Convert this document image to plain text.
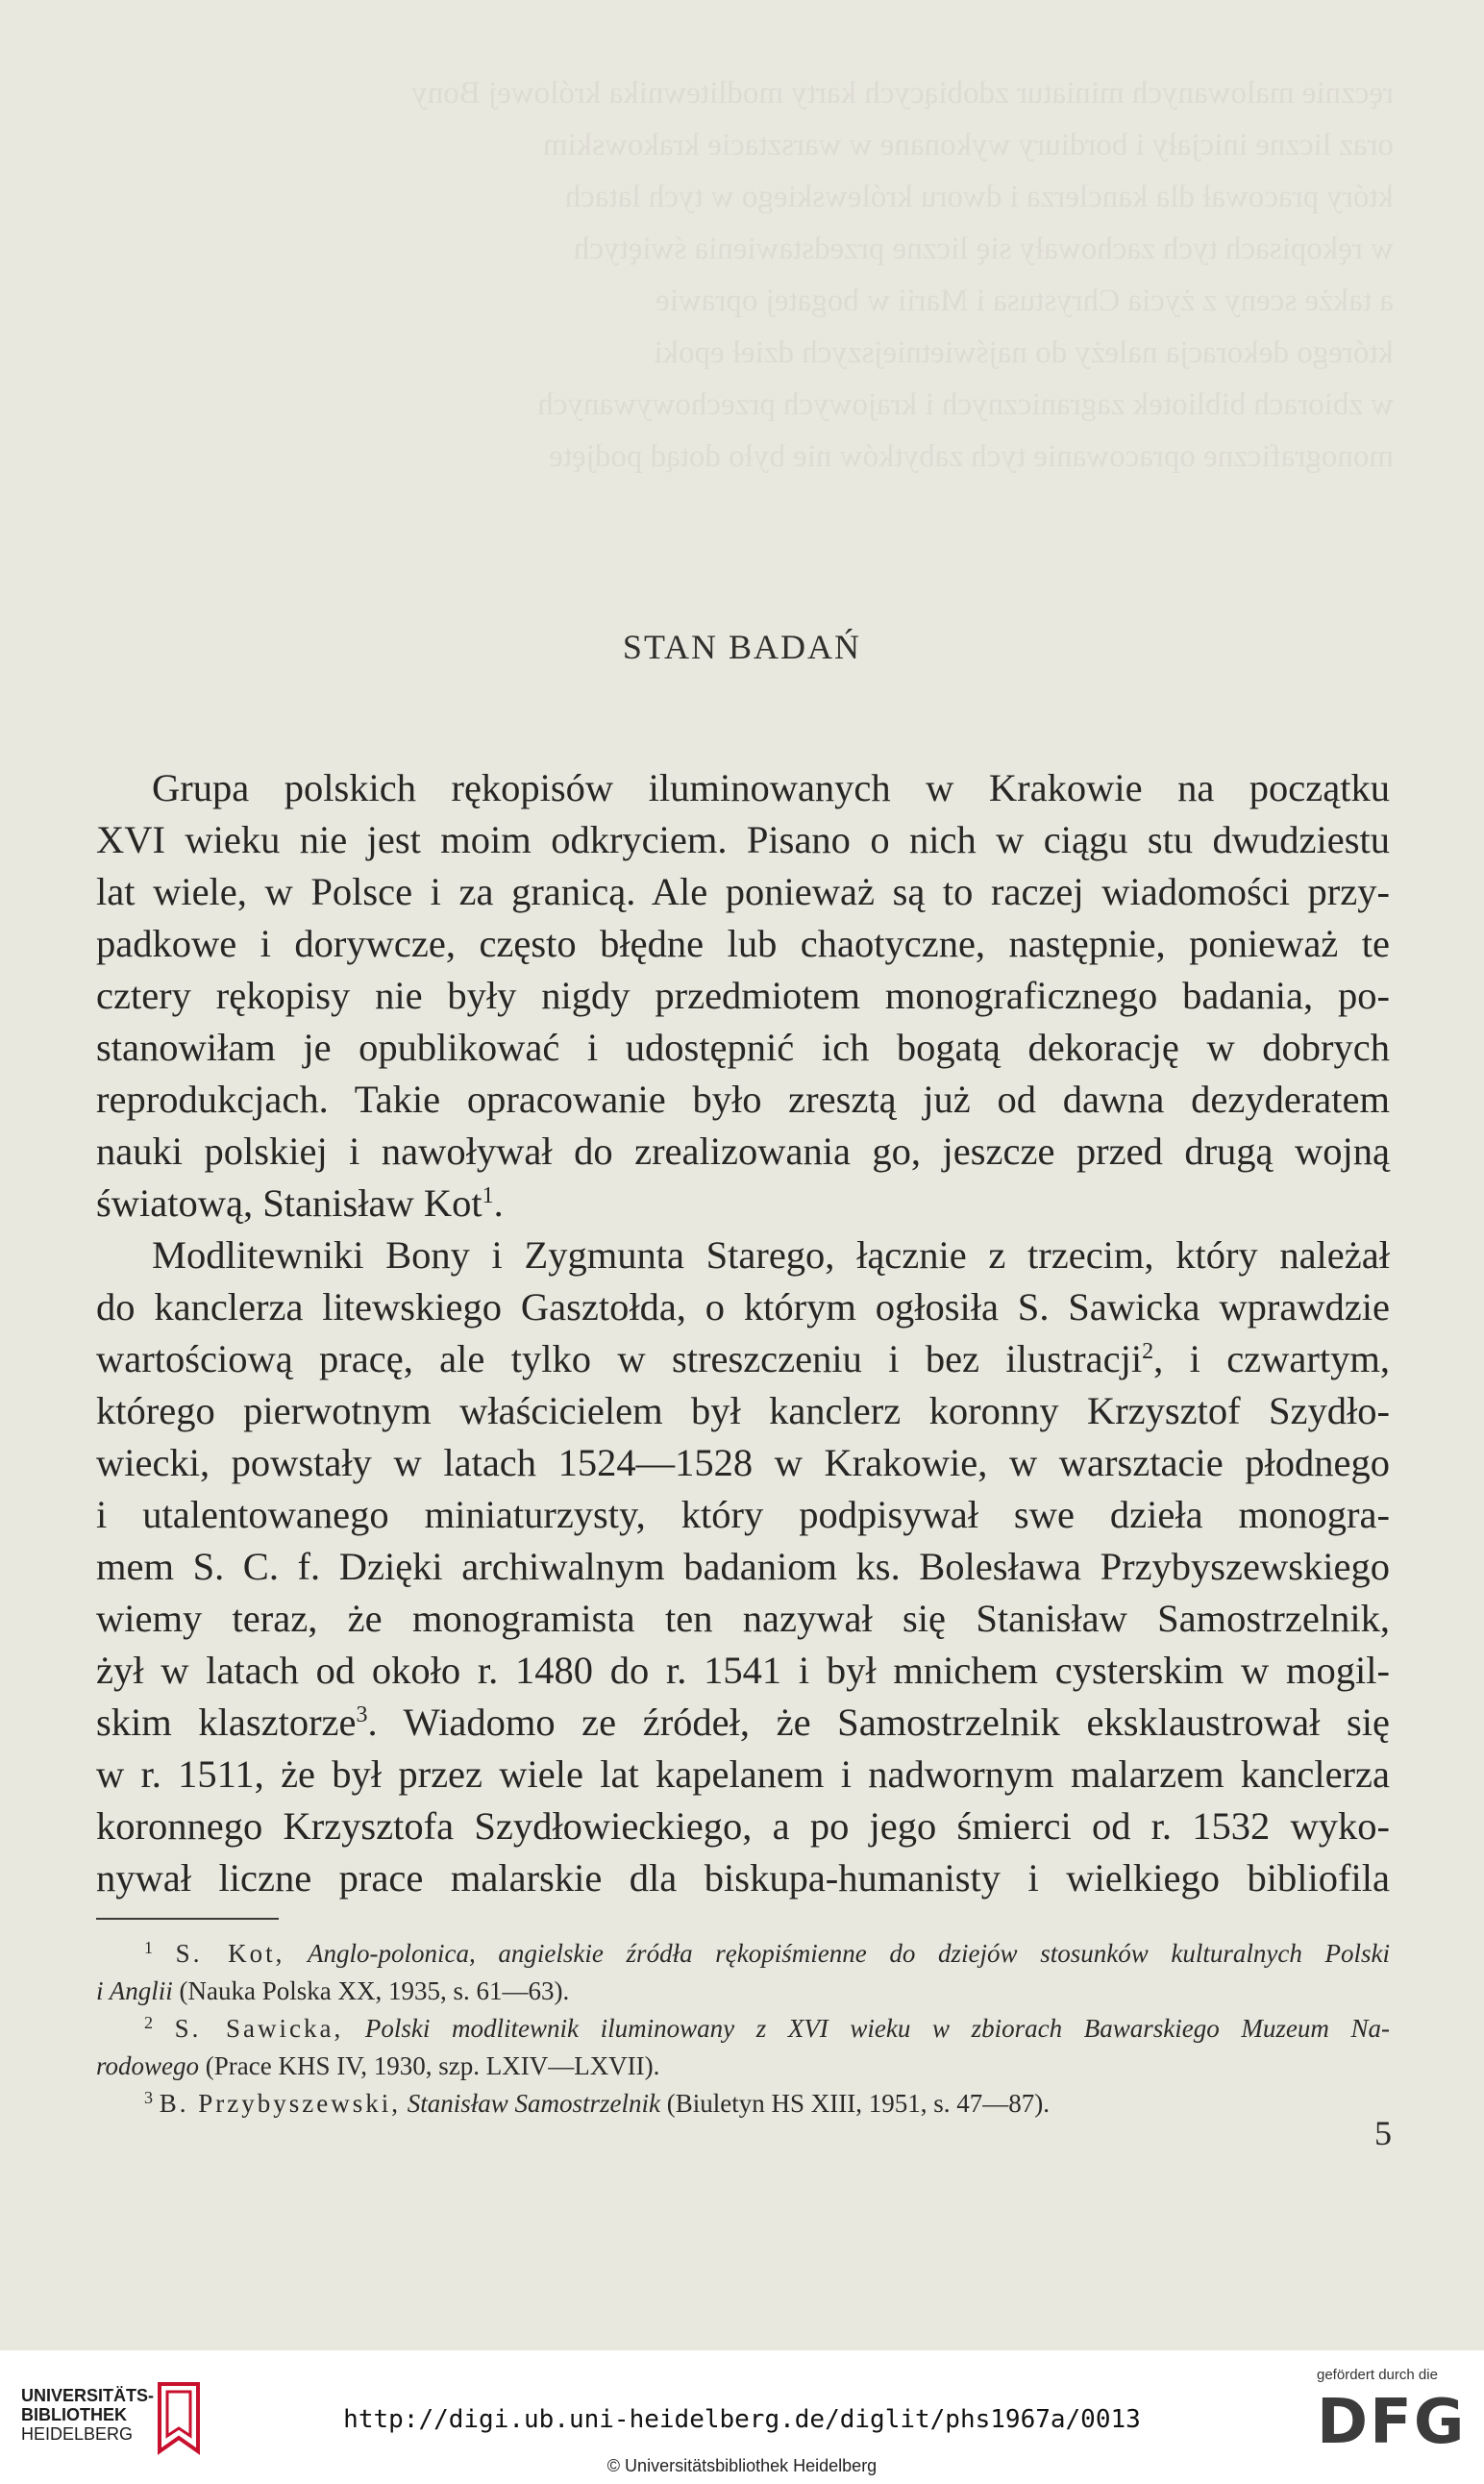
ręcznie malowanych miniatur zdobiących karty modlitewnika królowej Bony
oraz liczne inicjały i bordiury wykonane w warsztacie krakowskim
który pracował dla kanclerza i dworu królewskiego w tych latach
w rękopisach tych zachowały się liczne przedstawienia świętych
a także sceny z życia Chrystusa i Marii w bogatej oprawie
którego dekoracja należy do najświetniejszych dzieł epoki
w zbiorach bibliotek zagranicznych i krajowych przechowywanych
monograficzne opracowanie tych zabytków nie było dotąd podjęte
STAN BADAŃ
Grupa polskich rękopisów iluminowanych w Krakowie na początku
XVI wieku nie jest moim odkryciem. Pisano o nich w ciągu stu dwudziestu
lat wiele, w Polsce i za granicą. Ale ponieważ są to raczej wiadomości przy-
padkowe i dorywcze, często błędne lub chaotyczne, następnie, ponieważ te
cztery rękopisy nie były nigdy przedmiotem monograficznego badania, po-
stanowiłam je opublikować i udostępnić ich bogatą dekorację w dobrych
reprodukcjach. Takie opracowanie było zresztą już od dawna dezyderatem
nauki polskiej i nawoływał do zrealizowania go, jeszcze przed drugą wojną
światową, Stanisław Kot$^1$.
Modlitewniki Bony i Zygmunta Starego, łącznie z trzecim, który należał
do kanclerza litewskiego Gasztołda, o którym ogłosiła S. Sawicka wprawdzie
wartościową pracę, ale tylko w streszczeniu i bez ilustracji$^2$, i czwartym,
którego pierwotnym właścicielem był kanclerz koronny Krzysztof Szydło-
wiecki, powstały w latach 1524—1528 w Krakowie, w warsztacie płodnego
i utalentowanego miniaturzysty, który podpisywał swe dzieła monogra-
mem S. C. f. Dzięki archiwalnym badaniom ks. Bolesława Przybyszewskiego
wiemy teraz, że monogramista ten nazywał się Stanisław Samostrzelnik,
żył w latach od około r. 1480 do r. 1541 i był mnichem cysterskim w mogil-
skim klasztorze$^3$. Wiadomo ze źródeł, że Samostrzelnik eksklaustrował się
w r. 1511, że był przez wiele lat kapelanem i nadwornym malarzem kanclerza
koronnego Krzysztofa Szydłowieckiego, a po jego śmierci od r. 1532 wyko-
nywał liczne prace malarskie dla biskupa-humanisty i wielkiego bibliofila
$^1$ S. Kot, Anglo-polonica, angielskie źródła rękopiśmienne do dziejów stosunków kulturalnych Polski
i Anglii (Nauka Polska XX, 1935, s. 61—63).
$^2$ S. Sawicka, Polski modlitewnik iluminowany z XVI wieku w zbiorach Bawarskiego Muzeum Na-
rodowego (Prace KHS IV, 1930, szp. LXIV—LXVII).
$^3$ B. Przybyszewski, Stanisław Samostrzelnik (Biuletyn HS XIII, 1951, s. 47—87).
5
UNIVERSITÄTS-
BIBLIOTHEK
HEIDELBERG	http://digi.ub.uni-heidelberg.de/diglit/phs1967a/0013
© Universitätsbibliothek Heidelberg
gefördert durch die
DFG
